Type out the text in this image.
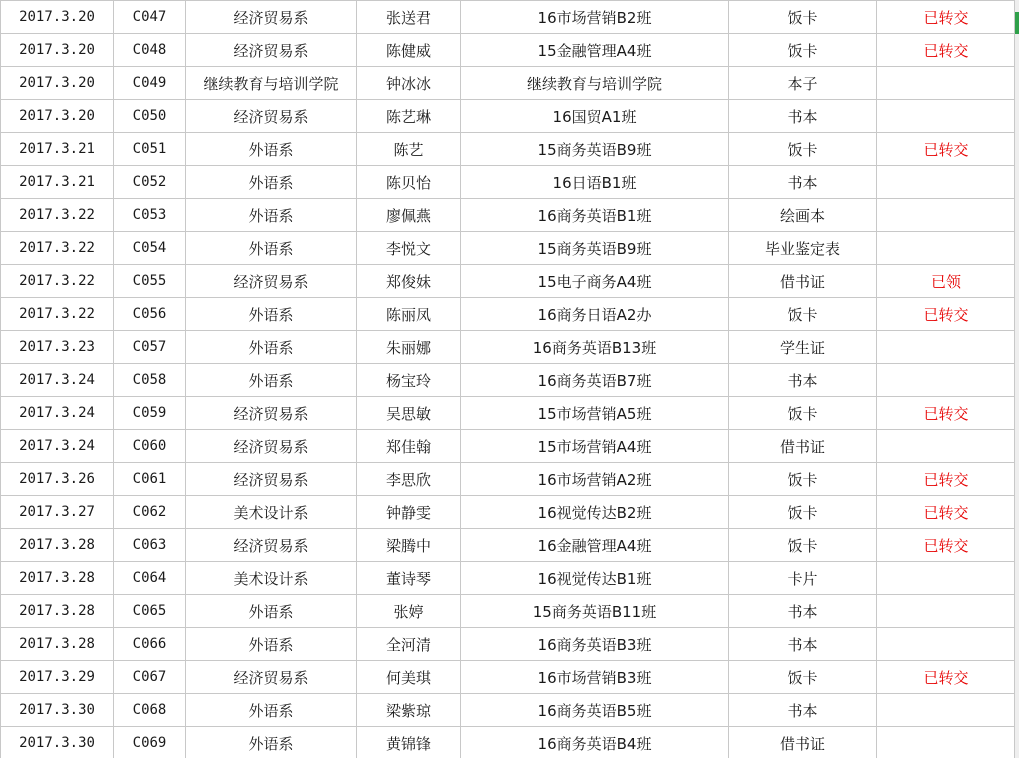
2017.3.20	C047	经济贸易系	张送君	16市场营销B2班	饭卡	已转交
2017.3.20	C048	经济贸易系	陈健威	15金融管理A4班	饭卡	已转交
2017.3.20	C049	继续教育与培训学院	钟冰冰	继续教育与培训学院	本子	
2017.3.20	C050	经济贸易系	陈艺琳	16国贸A1班	书本	
2017.3.21	C051	外语系	陈艺	15商务英语B9班	饭卡	已转交
2017.3.21	C052	外语系	陈贝怡	16日语B1班	书本	
2017.3.22	C053	外语系	廖佩燕	16商务英语B1班	绘画本	
2017.3.22	C054	外语系	李悦文	15商务英语B9班	毕业鉴定表	
2017.3.22	C055	经济贸易系	郑俊妹	15电子商务A4班	借书证	已领
2017.3.22	C056	外语系	陈丽凤	16商务日语A2办	饭卡	已转交
2017.3.23	C057	外语系	朱丽娜	16商务英语B13班	学生证	
2017.3.24	C058	外语系	杨宝玲	16商务英语B7班	书本	
2017.3.24	C059	经济贸易系	吴思敏	15市场营销A5班	饭卡	已转交
2017.3.24	C060	经济贸易系	郑佳翰	15市场营销A4班	借书证	
2017.3.26	C061	经济贸易系	李思欣	16市场营销A2班	饭卡	已转交
2017.3.27	C062	美术设计系	钟静雯	16视觉传达B2班	饭卡	已转交
2017.3.28	C063	经济贸易系	梁腾中	16金融管理A4班	饭卡	已转交
2017.3.28	C064	美术设计系	董诗琴	16视觉传达B1班	卡片	
2017.3.28	C065	外语系	张婷	15商务英语B11班	书本	
2017.3.28	C066	外语系	全河清	16商务英语B3班	书本	
2017.3.29	C067	经济贸易系	何美琪	16市场营销B3班	饭卡	已转交
2017.3.30	C068	外语系	梁紫琼	16商务英语B5班	书本	
2017.3.30	C069	外语系	黄锦锋	16商务英语B4班	借书证	
